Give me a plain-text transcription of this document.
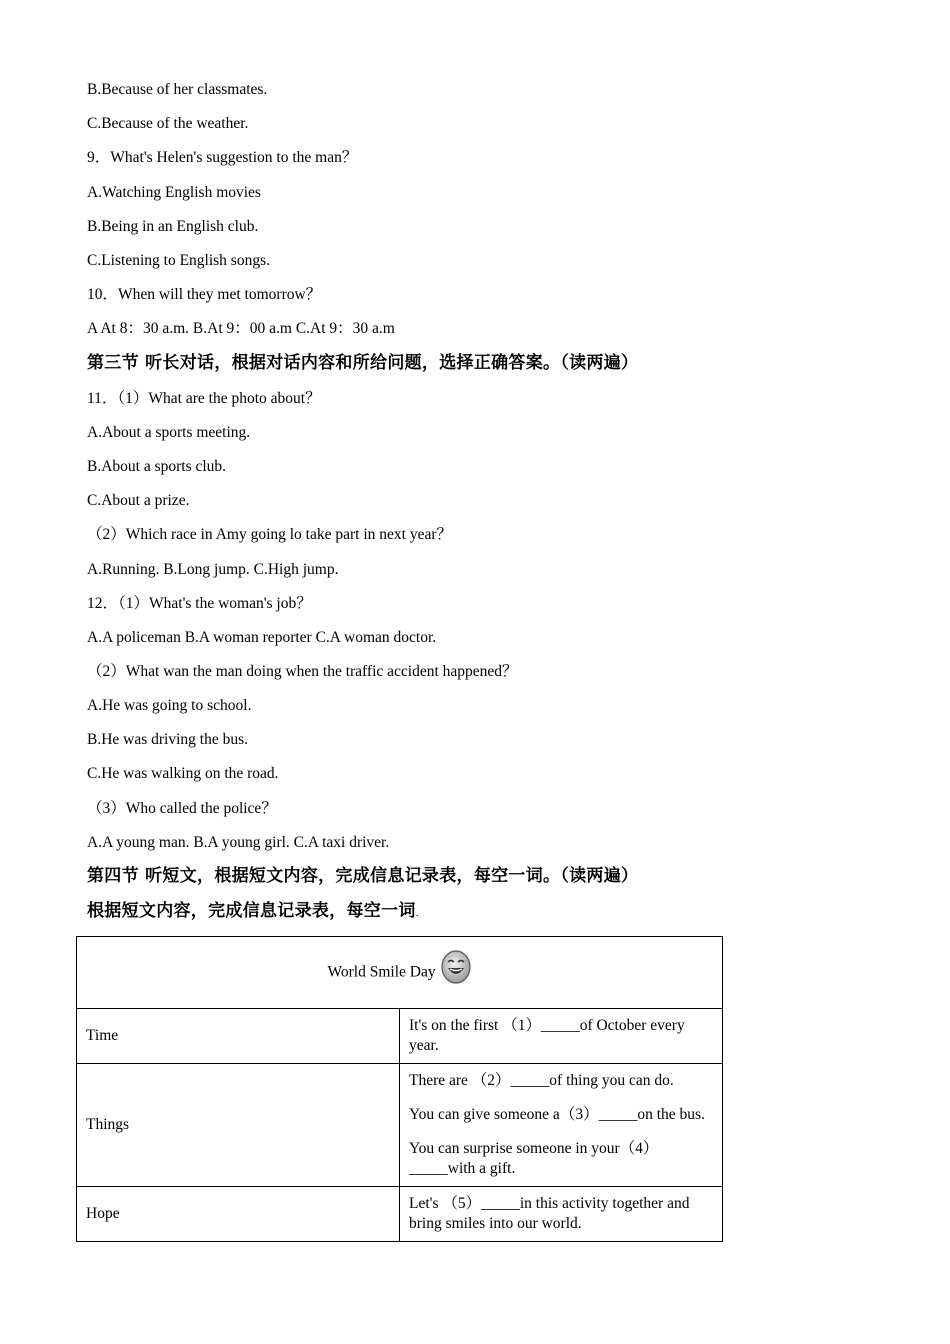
B.Because of her classmates.
C.Because of the weather.
9．What's Helen's suggestion to the man？
A.Watching English movies
B.Being in an English club.
C.Listening to English songs.
10．When will they met tomorrow？
A At 8：30 a.m. B.At 9：00 a.m C.At 9：30 a.m
第三节 听长对话，根据对话内容和所给问题，选择正确答案。（读两遍）
11．（1）What are the photo about？
A.About a sports meeting.
B.About a sports club.
C.About a prize.
（2）Which race in Amy going lo take part in next year？
A.Running. B.Long jump. C.High jump.
12．（1）What's the woman's job？
A.A policeman B.A woman reporter C.A woman doctor.
（2）What wan the man doing when the traffic accident happened？
A.He was going to school.
B.He was driving the bus.
C.He was walking on the road.
（3）Who called the police？
A.A young man. B.A young girl. C.A taxi driver.
第四节 听短文，根据短文内容，完成信息记录表，每空一词。（读两遍）
根据短文内容，完成信息记录表，每空一词.
World Smile Day	
Time	It's on the first （1）_____of October every year.

Things	There are （2）_____of thing you can do.
You can give someone a（3）_____on the bus.
You can surprise someone in your（4）_____with a gift.

Hope	Let's （5）_____in this activity together and bring smiles into our world.
